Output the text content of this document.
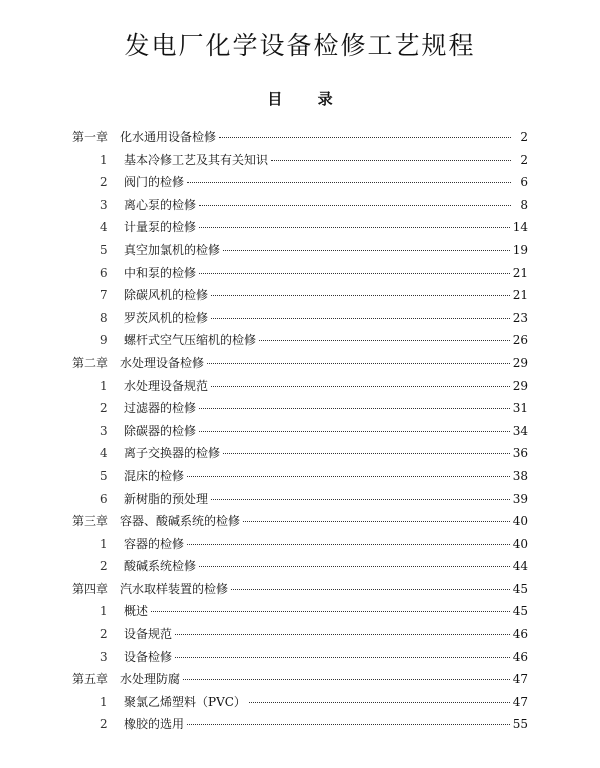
发电厂化学设备检修工艺规程
目 录
第一章 化水通用设备检修	2
1	基本冷修工艺及其有关知识	2
2	阀门的检修	6
3	离心泵的检修	8
4	计量泵的检修	14
5	真空加氯机的检修	19
6	中和泵的检修	21
7	除碳风机的检修	21
8	罗茨风机的检修	23
9	螺杆式空气压缩机的检修	26
第二章 水处理设备检修	29
1	水处理设备规范	29
2	过滤器的检修	31
3	除碳器的检修	34
4	离子交换器的检修	36
5	混床的检修	38
6	新树脂的预处理	39
第三章 容器、酸碱系统的检修	40
1	容器的检修	40
2	酸碱系统检修	44
第四章 汽水取样装置的检修	45
1	概述	45
2	设备规范	46
3	设备检修	46
第五章 水处理防腐	47
1	聚氯乙烯塑料（PVC）	47
2	橡胶的选用	55
